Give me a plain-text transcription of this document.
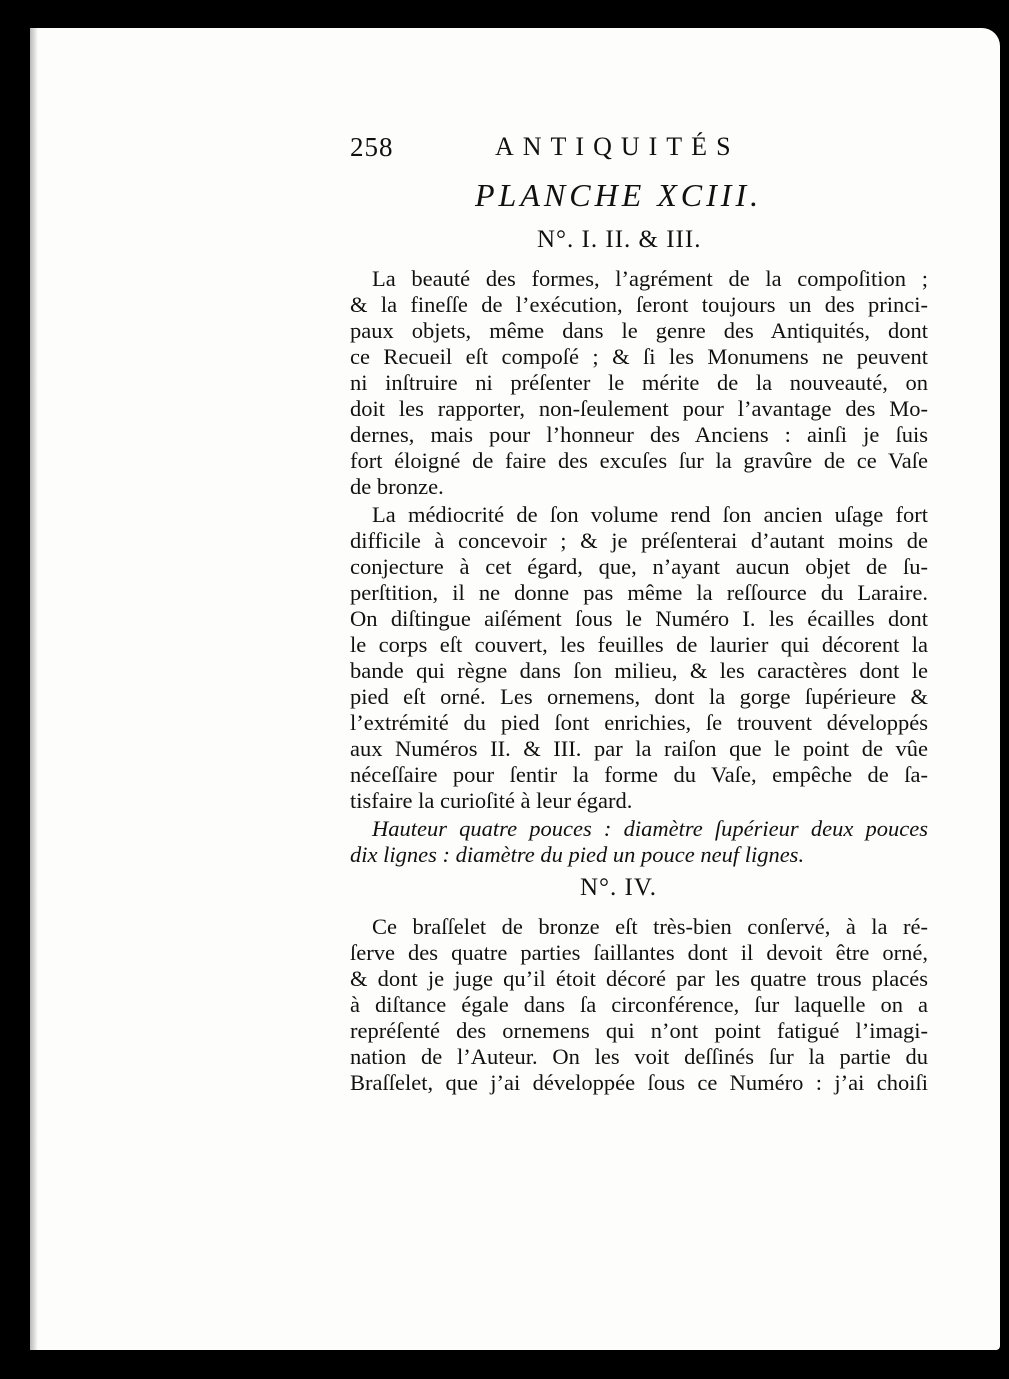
258	ANTIQUITÉS
PLANCHE XCIII.
N°. I. II. & III.
La beauté des formes, l’agrément de la compoſition ;
& la fineſſe de l’exécution, ſeront toujours un des princi-
paux objets, même dans le genre des Antiquités, dont
ce Recueil eſt compoſé ; & ſi les Monumens ne peuvent
ni inſtruire ni préſenter le mérite de la nouveauté, on
doit les rapporter, non-ſeulement pour l’avantage des Mo-
dernes, mais pour l’honneur des Anciens : ainſi je ſuis
fort éloigné de faire des excuſes ſur la gravûre de ce Vaſe
de bronze.
La médiocrité de ſon volume rend ſon ancien uſage fort
difficile à concevoir ; & je préſenterai d’autant moins de
conjecture à cet égard, que, n’ayant aucun objet de ſu-
perſtition, il ne donne pas même la reſſource du Laraire.
On diſtingue aiſément ſous le Numéro I. les écailles dont
le corps eſt couvert, les feuilles de laurier qui décorent la
bande qui règne dans ſon milieu, & les caractères dont le
pied eſt orné. Les ornemens, dont la gorge ſupérieure &
l’extrémité du pied ſont enrichies, ſe trouvent développés
aux Numéros II. & III. par la raiſon que le point de vûe
néceſſaire pour ſentir la forme du Vaſe, empêche de ſa-
tisfaire la curioſité à leur égard.
Hauteur quatre pouces : diamètre ſupérieur deux pouces
dix lignes : diamètre du pied un pouce neuf lignes.
N°. IV.
Ce braſſelet de bronze eſt très-bien conſervé, à la ré-
ſerve des quatre parties ſaillantes dont il devoit être orné,
& dont je juge qu’il étoit décoré par les quatre trous placés
à diſtance égale dans ſa circonférence, ſur laquelle on a
repréſenté des ornemens qui n’ont point fatigué l’imagi-
nation de l’Auteur. On les voit deſſinés ſur la partie du
Braſſelet, que j’ai développée ſous ce Numéro : j’ai choiſi
